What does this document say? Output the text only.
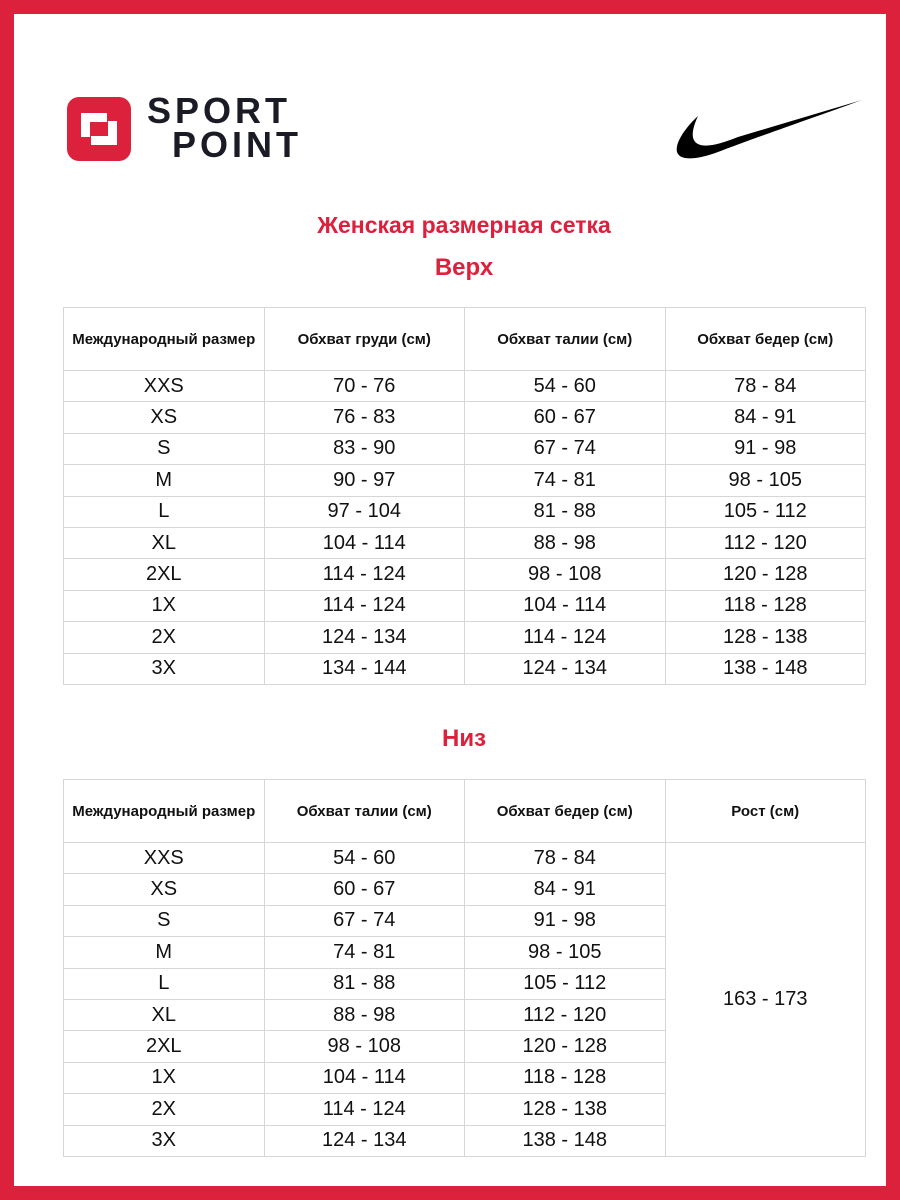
SPORT
POINT
Женская размерная сетка
Верх
Международный размер	Обхват груди (см)	Обхват талии (см)	Обхват бедер (см)
XXS	70 - 76	54 - 60	78 - 84
XS	76 - 83	60 - 67	84 - 91
S	83 - 90	67 - 74	91 - 98
M	90 - 97	74 - 81	98 - 105
L	97 - 104	81 - 88	105 - 112
XL	104 - 114	88 - 98	112 - 120
2XL	114 - 124	98 - 108	120 - 128
1X	114 - 124	104 - 114	118 - 128
2X	124 - 134	114 - 124	128 - 138
3X	134 - 144	124 - 134	138 - 148
Низ
Международный размер	Обхват талии (см)	Обхват бедер (см)	Рост (см)
XXS	54 - 60	78 - 84	163 - 173
XS	60 - 67	84 - 91	
S	67 - 74	91 - 98	
M	74 - 81	98 - 105	
L	81 - 88	105 - 112	
XL	88 - 98	112 - 120	
2XL	98 - 108	120 - 128	
1X	104 - 114	118 - 128	
2X	114 - 124	128 - 138	
3X	124 - 134	138 - 148	
